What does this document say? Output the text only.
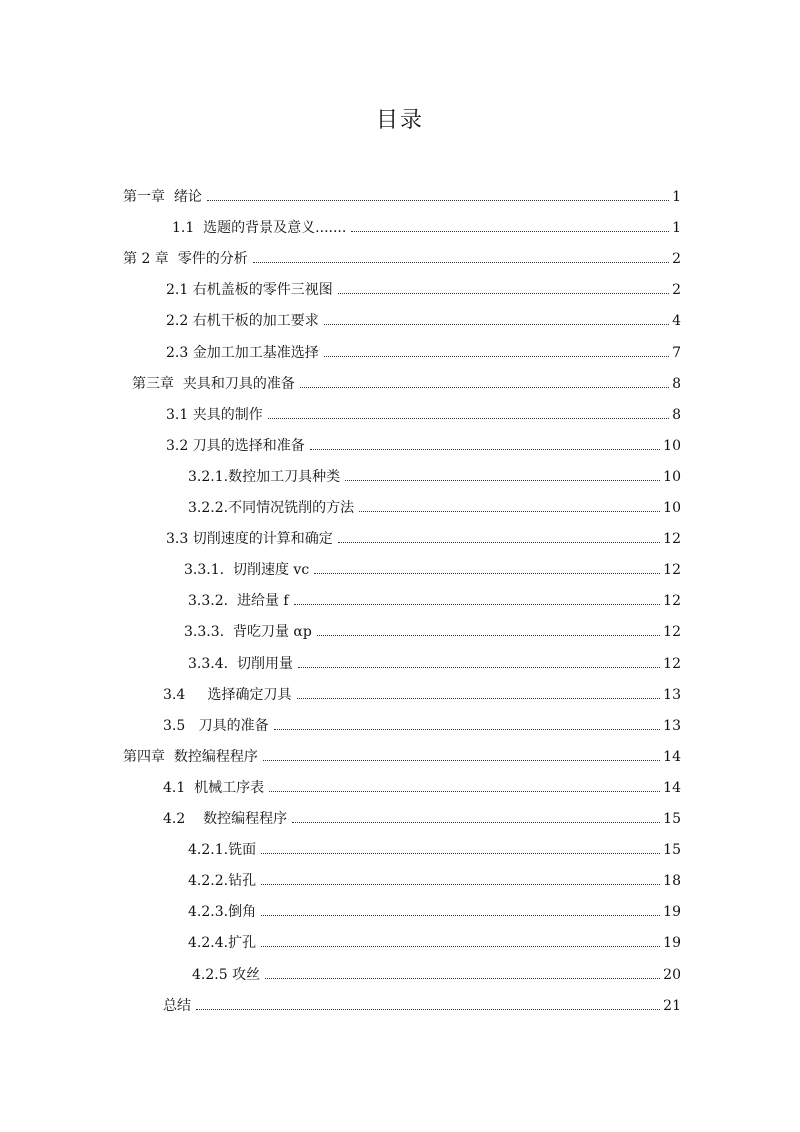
目录
第一章  绪论	1
1.1  选题的背景及意义.......	1
第 2 章  零件的分析	2
2.1 右机盖板的零件三视图	2
2.2 右机干板的加工要求	4
2.3 金加工加工基准选择	7
第三章  夹具和刀具的准备	8
3.1 夹具的制作	8
3.2 刀具的选择和准备	10
3.2.1.数控加工刀具种类	10
3.2.2.不同情况铣削的方法	10
3.3 切削速度的计算和确定	12
3.3.1.  切削速度 vc	12
3.3.2.  进给量 f	12
3.3.3.  背吃刀量 αp	12
3.3.4.  切削用量	12
3.4     选择确定刀具	13
3.5   刀具的准备	13
第四章  数控编程程序	14
4.1  机械工序表	14
4.2    数控编程程序	15
4.2.1.铣面	15
4.2.2.钻孔	18
4.2.3.倒角	19
4.2.4.扩孔	19
4.2.5 攻丝	20
总结	21
